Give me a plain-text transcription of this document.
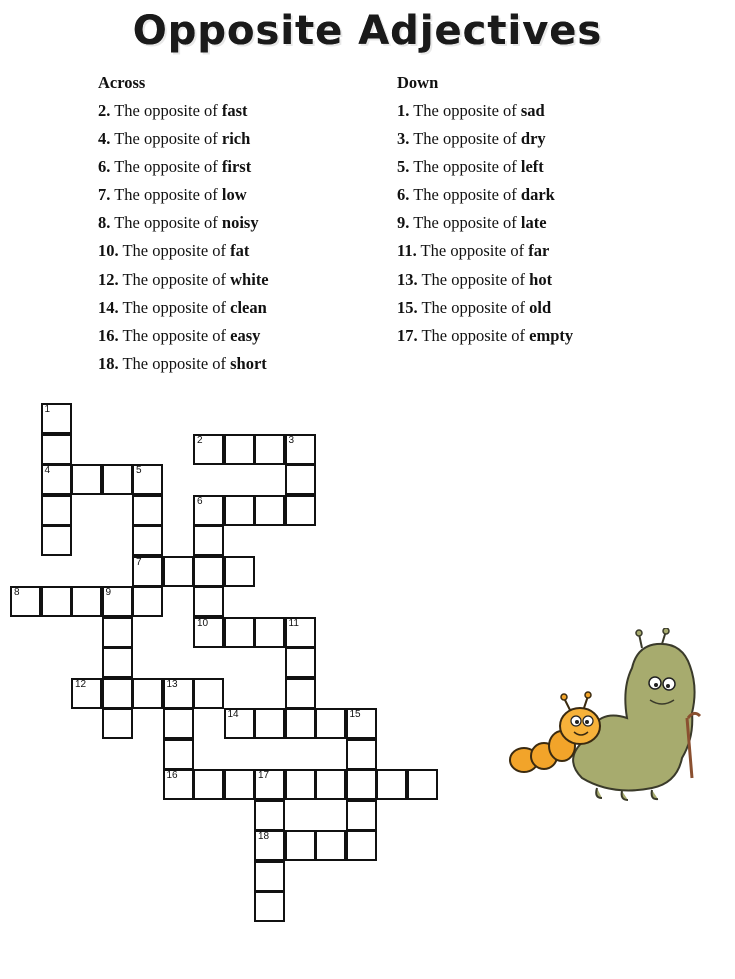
Opposite Adjectives
Across
2. The opposite of fast
4. The opposite of rich
6. The opposite of first
7. The opposite of low
8. The opposite of noisy
10. The opposite of fat
12. The opposite of white
14. The opposite of clean
16. The opposite of easy
18. The opposite of short
Down
1. The opposite of sad
3. The opposite of dry
5. The opposite of left
6. The opposite of dark
9. The opposite of late
11. The opposite of far
13. The opposite of hot
15. The opposite of old
17. The opposite of empty
1
4
2	3
5
7
6
8	9
10	11
12	13
16
14	15
17
18
